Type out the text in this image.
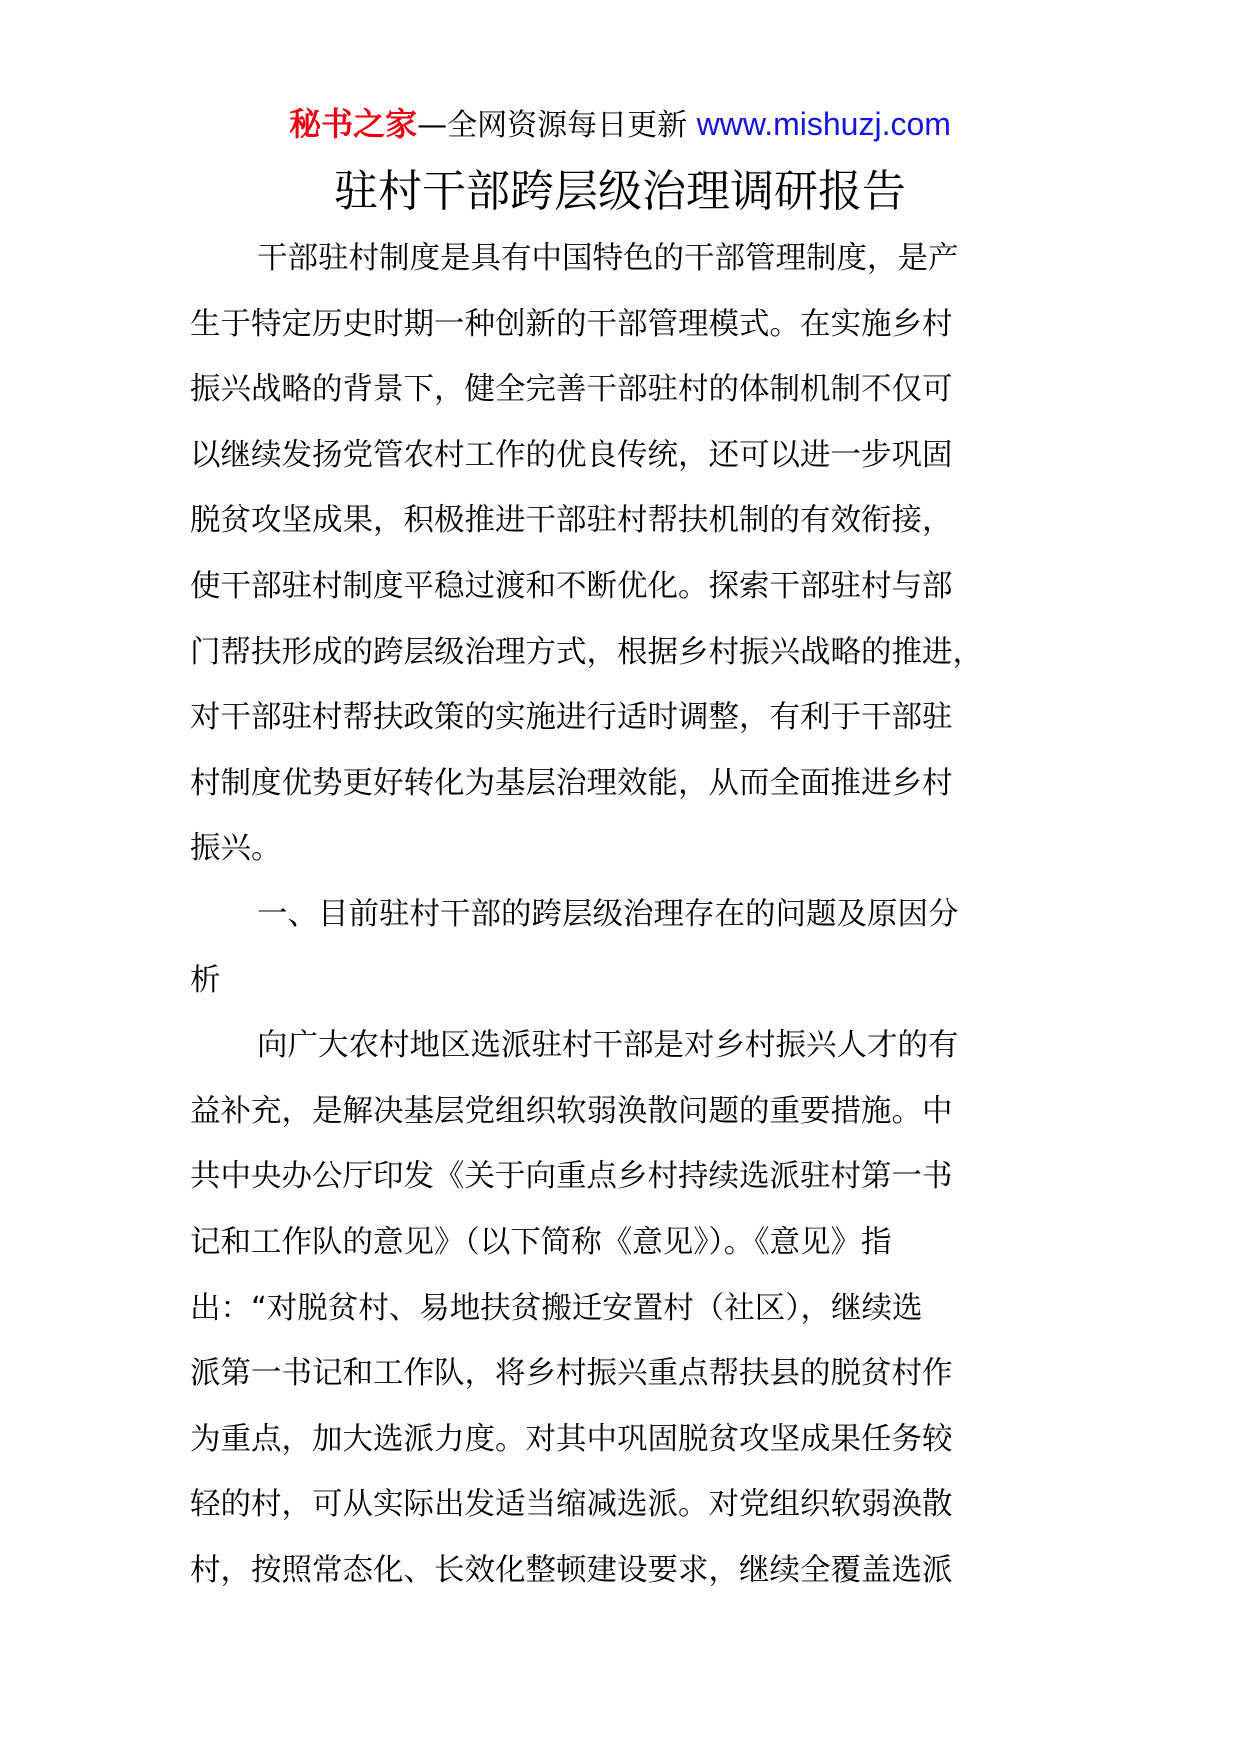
秘书之家—全网资源每日更新 www.mishuzj.com
驻村干部跨层级治理调研报告
干部驻村制度是具有中国特色的干部管理制度，是产
生于特定历史时期一种创新的干部管理模式。在实施乡村
振兴战略的背景下，健全完善干部驻村的体制机制不仅可
以继续发扬党管农村工作的优良传统，还可以进一步巩固
脱贫攻坚成果，积极推进干部驻村帮扶机制的有效衔接，
使干部驻村制度平稳过渡和不断优化。探索干部驻村与部
门帮扶形成的跨层级治理方式，根据乡村振兴战略的推进，
对干部驻村帮扶政策的实施进行适时调整，有利于干部驻
村制度优势更好转化为基层治理效能，从而全面推进乡村
振兴。
一、目前驻村干部的跨层级治理存在的问题及原因分
析
向广大农村地区选派驻村干部是对乡村振兴人才的有
益补充，是解决基层党组织软弱涣散问题的重要措施。中
共中央办公厅印发《关于向重点乡村持续选派驻村第一书
记和工作队的意见》（以下简称《意见》）。《意见》指
出：“对脱贫村、易地扶贫搬迁安置村（社区），继续选
派第一书记和工作队，将乡村振兴重点帮扶县的脱贫村作
为重点，加大选派力度。对其中巩固脱贫攻坚成果任务较
轻的村，可从实际出发适当缩减选派。对党组织软弱涣散
村，按照常态化、长效化整顿建设要求，继续全覆盖选派
